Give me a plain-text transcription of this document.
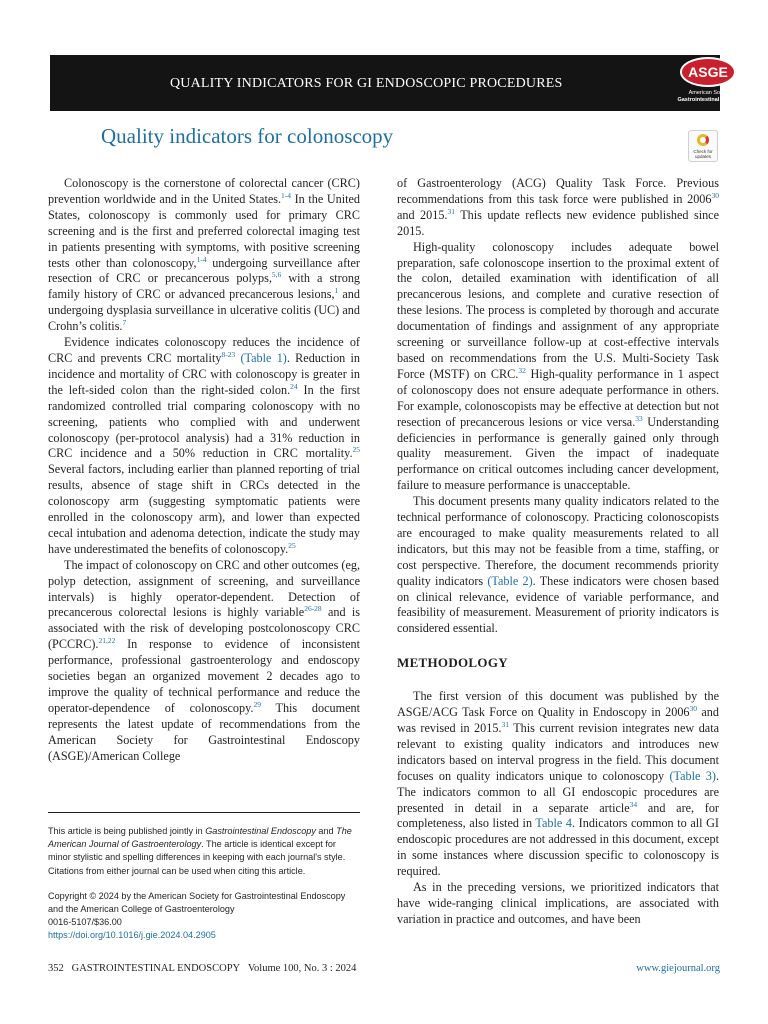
QUALITY INDICATORS FOR GI ENDOSCOPIC PROCEDURES
ASGE
American Society for
Gastrointestinal Endoscopy
Quality indicators for colonoscopy
Check for
updates

Colonoscopy is the cornerstone of colorectal cancer (CRC) prevention worldwide and in the United States.$^{1-4}$ In the United States, colonoscopy is commonly used for primary CRC screening and is the first and preferred colorectal imaging test in patients presenting with symptoms, with positive screening tests other than colonoscopy,$^{1-4}$ undergoing surveillance after resection of CRC or precancerous polyps,$^{5,6}$ with a strong family history of CRC or advanced precancerous lesions,$^1$ and undergoing dysplasia surveillance in ulcerative colitis (UC) and Crohn’s colitis.$^7$

Evidence indicates colonoscopy reduces the incidence of CRC and prevents CRC mortality$^{8-23}$ (Table 1). Reduction in incidence and mortality of CRC with colonoscopy is greater in the left-sided colon than the right-sided colon.$^{24}$ In the first randomized controlled trial comparing colonoscopy with no screening, patients who complied with and underwent colonoscopy (per-protocol analysis) had a 31% reduction in CRC incidence and a 50% reduction in CRC mortality.$^{25}$ Several factors, including earlier than planned reporting of trial results, absence of stage shift in CRCs detected in the colonoscopy arm (suggesting symptomatic patients were enrolled in the colonoscopy arm), and lower than expected cecal intubation and adenoma detection, indicate the study may have underestimated the benefits of colonoscopy.$^{25}$

The impact of colonoscopy on CRC and other outcomes (eg, polyp detection, assignment of screening, and surveillance intervals) is highly operator-dependent. Detection of precancerous colorectal lesions is highly variable$^{26-28}$ and is associated with the risk of developing postcolonoscopy CRC (PCCRC).$^{21,22}$ In response to evidence of inconsistent performance, professional gastroenterology and endoscopy societies began an organized movement 2 decades ago to improve the quality of technical performance and reduce the operator-dependence of colonoscopy.$^{29}$ This document represents the latest update of recommendations from the American Society for Gastrointestinal Endoscopy (ASGE)/American College

of Gastroenterology (ACG) Quality Task Force. Previous recommendations from this task force were published in 2006$^{30}$ and 2015.31 This update reflects new evidence published since 2015.

High-quality colonoscopy includes adequate bowel preparation, safe colonoscope insertion to the proximal extent of the colon, detailed examination with identification of all precancerous lesions, and complete and curative resection of these lesions. The process is completed by thorough and accurate documentation of findings and assignment of any appropriate screening or surveillance follow-up at cost-effective intervals based on recommendations from the U.S. Multi-Society Task Force (MSTF) on CRC.$^{32}$ High-quality performance in 1 aspect of colonoscopy does not ensure adequate performance in others. For example, colonoscopists may be effective at detection but not resection of precancerous lesions or vice versa.$^{33}$ Understanding deficiencies in performance is generally gained only through quality measurement. Given the impact of inadequate performance on critical outcomes including cancer development, failure to measure performance is unacceptable.

This document presents many quality indicators related to the technical performance of colonoscopy. Practicing colonoscopists are encouraged to make quality measurements related to all indicators, but this may not be feasible from a time, staffing, or cost perspective. Therefore, the document recommends priority quality indicators (Table 2). These indicators were chosen based on clinical relevance, evidence of variable performance, and feasibility of measurement. Measurement of priority indicators is considered essential.

METHODOLOGY

The first version of this document was published by the ASGE/ACG Task Force on Quality in Endoscopy in 2006$^{30}$ and was revised in 2015.31 This current revision integrates new data relevant to existing quality indicators and introduces new indicators based on interval progress in the field. This document focuses on quality indicators unique to colonoscopy (Table 3). The indicators common to all GI endoscopic procedures are presented in detail in a separate article$^{34}$ and are, for completeness, also listed in Table 4. Indicators common to all GI endoscopic procedures are not addressed in this document, except in some instances where discussion specific to colonoscopy is required.

As in the preceding versions, we prioritized indicators that have wide-ranging clinical implications, are associated with variation in practice and outcomes, and have been

This article is being published jointly in Gastrointestinal Endoscopy and The American Journal of Gastroenterology. The article is identical except for minor stylistic and spelling differences in keeping with each journal's style. Citations from either journal can be used when citing this article.

Copyright © 2024 by the American Society for Gastrointestinal Endoscopy

and the American College of Gastroenterology

0016-5107/$36.00

https://doi.org/10.1016/j.gie.2024.04.2905

352 GASTROINTESTINAL ENDOSCOPY Volume 100, No. 3 : 2024	www.giejournal.org
